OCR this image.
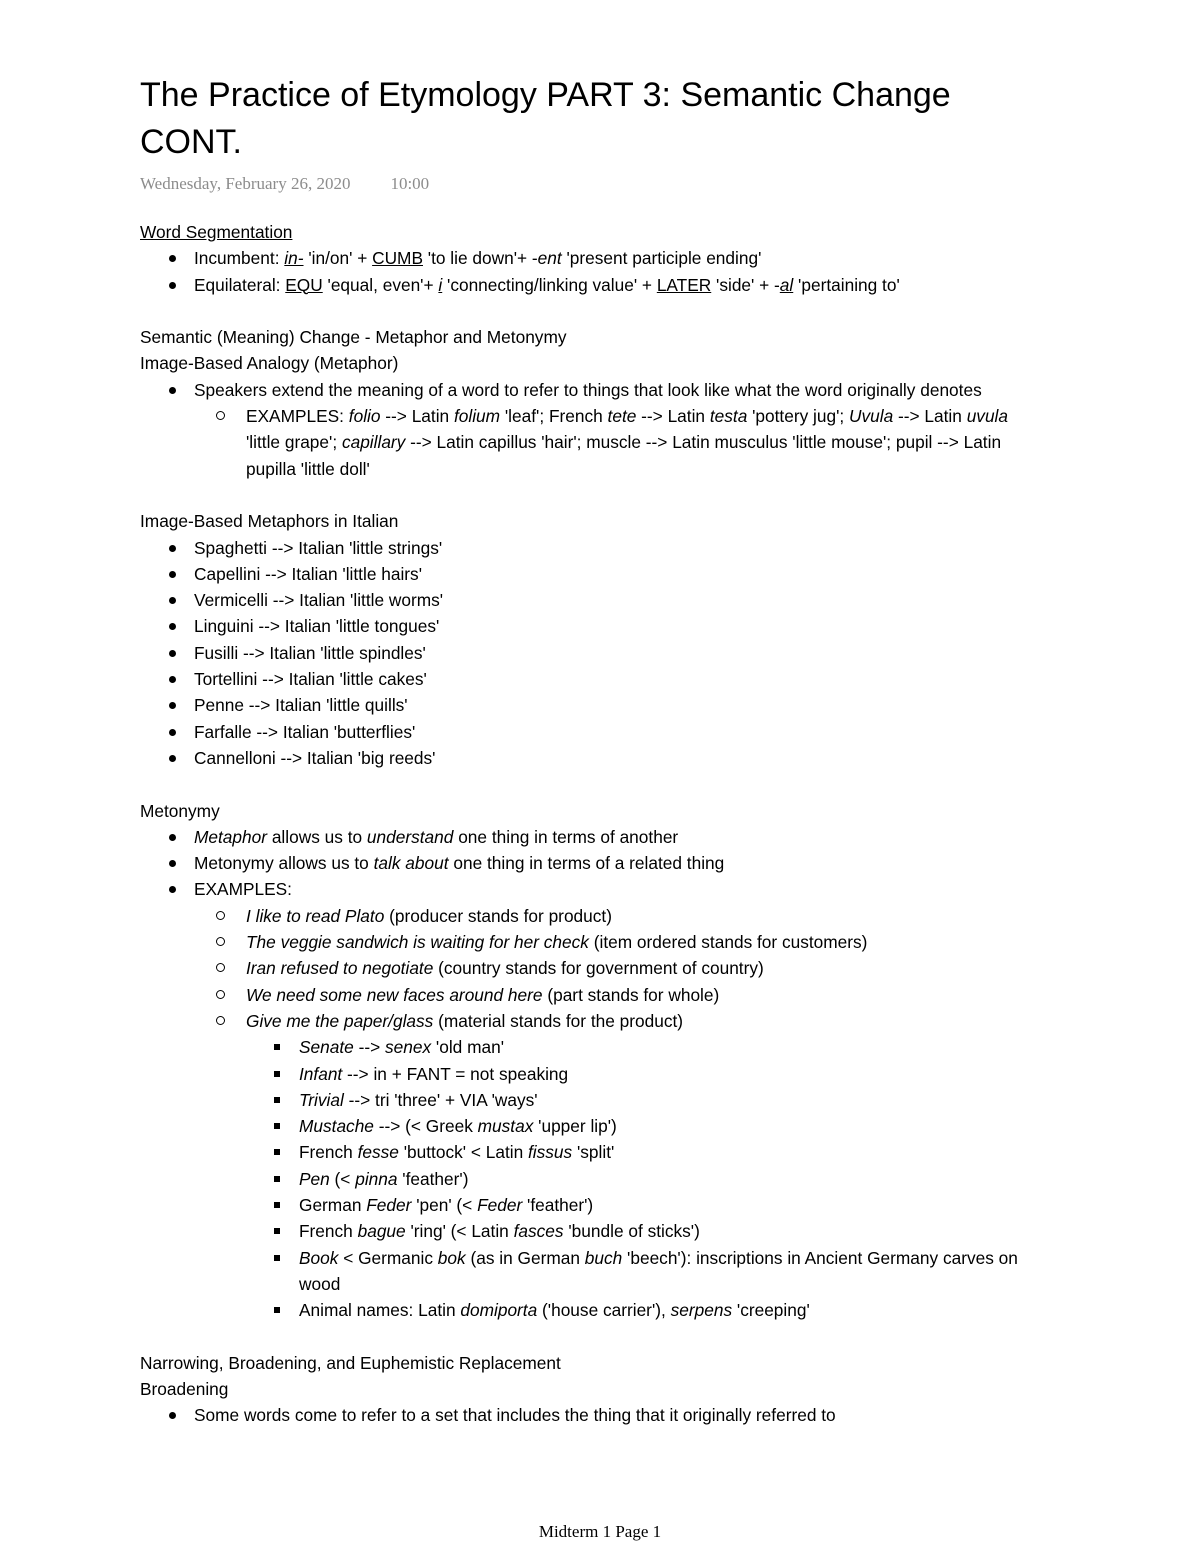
The Practice of Etymology PART 3: Semantic Change CONT.
Wednesday, February 26, 2020 10:00

Word Segmentation

Incumbent: in- 'in/on' + CUMB 'to lie down'+ -ent 'present participle ending'
Equilateral: EQU 'equal, even'+ i 'connecting/linking value' + LATER 'side' + -al 'pertaining to'

Semantic (Meaning) Change - Metaphor and Metonymy

Image-Based Analogy (Metaphor)

Speakers extend the meaning of a word to refer to things that look like what the word originally denotes
EXAMPLES: folio --> Latin folium 'leaf'; French tete --> Latin testa 'pottery jug'; Uvula --> Latin uvula 'little grape'; capillary --> Latin capillus 'hair'; muscle --> Latin musculus 'little mouse'; pupil --> Latin pupilla 'little doll'

Image-Based Metaphors in Italian

Spaghetti --> Italian 'little strings'
Capellini --> Italian 'little hairs'
Vermicelli --> Italian 'little worms'
Linguini --> Italian 'little tongues'
Fusilli --> Italian 'little spindles'
Tortellini --> Italian 'little cakes'
Penne --> Italian 'little quills'
Farfalle --> Italian 'butterflies'
Cannelloni --> Italian 'big reeds'

Metonymy

Metaphor allows us to understand one thing in terms of another
Metonymy allows us to talk about one thing in terms of a related thing
EXAMPLES:
I like to read Plato (producer stands for product)
The veggie sandwich is waiting for her check (item ordered stands for customers)
Iran refused to negotiate (country stands for government of country)
We need some new faces around here (part stands for whole)
Give me the paper/glass (material stands for the product)
Senate --> senex 'old man'
Infant --> in + FANT = not speaking
Trivial --> tri 'three' + VIA 'ways'
Mustache --> (< Greek mustax 'upper lip')
French fesse 'buttock' < Latin fissus 'split'
Pen (< pinna 'feather')
German Feder 'pen' (< Feder 'feather')
French bague 'ring' (< Latin fasces 'bundle of sticks')
Book < Germanic bok (as in German buch 'beech'): inscriptions in Ancient Germany carves on wood
Animal names: Latin domiporta ('house carrier'), serpens 'creeping'

Narrowing, Broadening, and Euphemistic Replacement

Broadening

Some words come to refer to a set that includes the thing that it originally referred to
Midterm 1 Page 1
